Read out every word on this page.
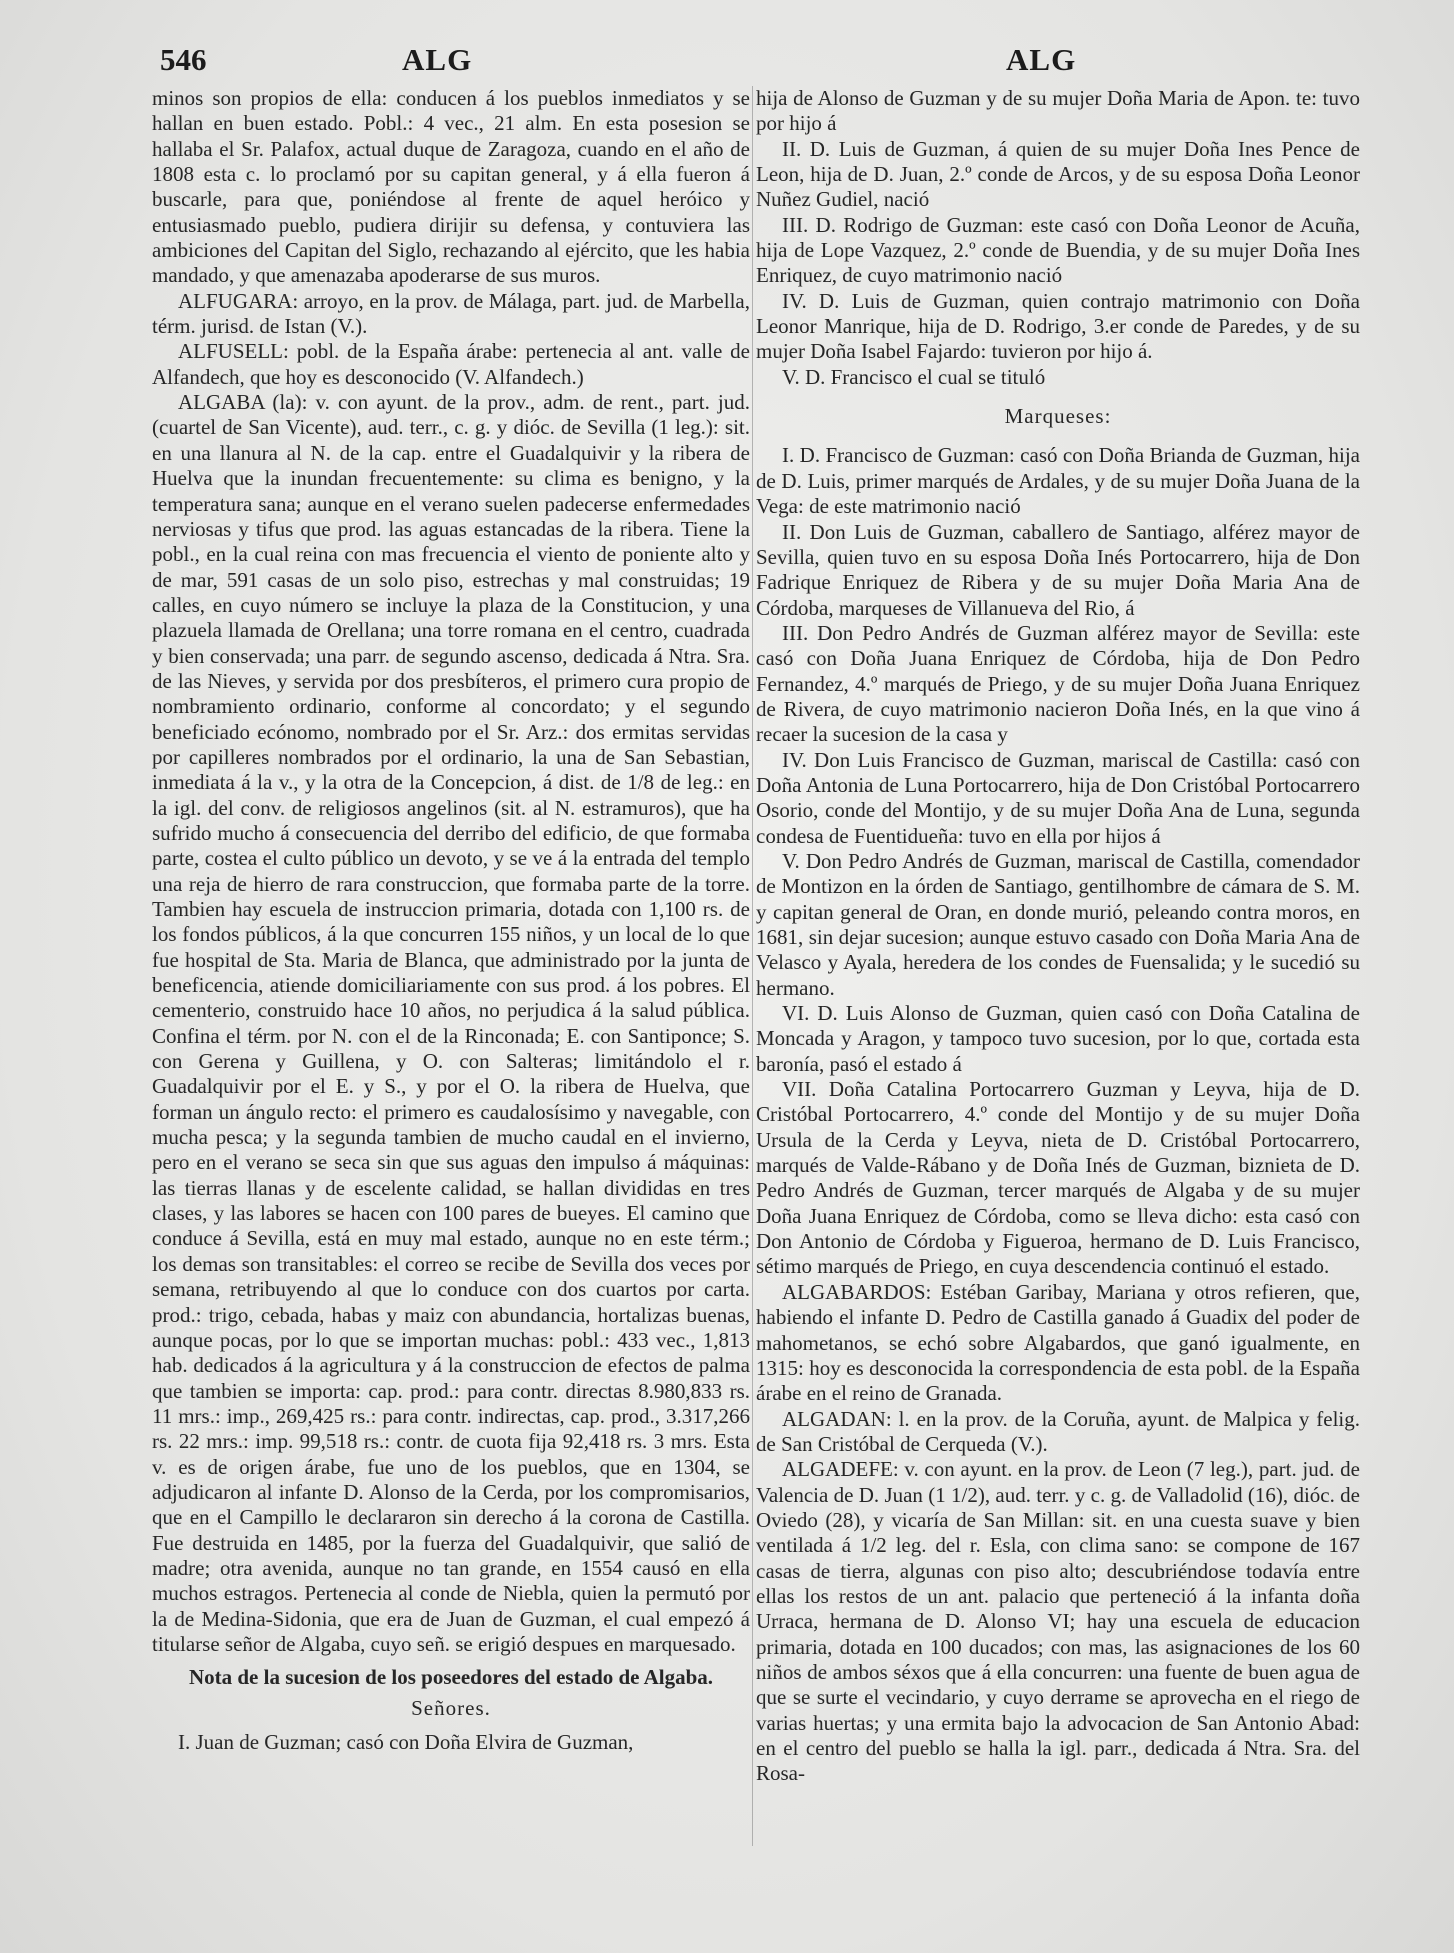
546	ALG	ALG

minos son propios de ella: conducen á los pueblos inmediatos y se hallan en buen estado. Pobl.: 4 vec., 21 alm. En esta posesion se hallaba el Sr. Palafox, actual duque de Zaragoza, cuando en el año de 1808 esta c. lo proclamó por su capitan general, y á ella fueron á buscarle, para que, poniéndose al frente de aquel heróico y entusiasmado pueblo, pudiera dirijir su defensa, y contuviera las ambiciones del Capitan del Siglo, rechazando al ejército, que les habia mandado, y que amenazaba apoderarse de sus muros.

ALFUGARA: arroyo, en la prov. de Málaga, part. jud. de Marbella, térm. jurisd. de Istan (V.).

ALFUSELL: pobl. de la España árabe: pertenecia al ant. valle de Alfandech, que hoy es desconocido (V. Alfandech.)

ALGABA (la): v. con ayunt. de la prov., adm. de rent., part. jud. (cuartel de San Vicente), aud. terr., c. g. y dióc. de Sevilla (1 leg.): sit. en una llanura al N. de la cap. entre el Guadalquivir y la ribera de Huelva que la inundan frecuentemente: su clima es benigno, y la temperatura sana; aunque en el verano suelen padecerse enfermedades nerviosas y tifus que prod. las aguas estancadas de la ribera. Tiene la pobl., en la cual reina con mas frecuencia el viento de poniente alto y de mar, 591 casas de un solo piso, estrechas y mal construidas; 19 calles, en cuyo número se incluye la plaza de la Constitucion, y una plazuela llamada de Orellana; una torre romana en el centro, cuadrada y bien conservada; una parr. de segundo ascenso, dedicada á Ntra. Sra. de las Nieves, y servida por dos presbíteros, el primero cura propio de nombramiento ordinario, conforme al concordato; y el segundo beneficiado ecónomo, nombrado por el Sr. Arz.: dos ermitas servidas por capilleres nombrados por el ordinario, la una de San Sebastian, inmediata á la v., y la otra de la Concepcion, á dist. de 1/8 de leg.: en la igl. del conv. de religiosos angelinos (sit. al N. estramuros), que ha sufrido mucho á consecuencia del derribo del edificio, de que formaba parte, costea el culto público un devoto, y se ve á la entrada del templo una reja de hierro de rara construccion, que formaba parte de la torre. Tambien hay escuela de instruccion primaria, dotada con 1,100 rs. de los fondos públicos, á la que concurren 155 niños, y un local de lo que fue hospital de Sta. Maria de Blanca, que administrado por la junta de beneficencia, atiende domiciliariamente con sus prod. á los pobres. El cementerio, construido hace 10 años, no perjudica á la salud pública. Confina el térm. por N. con el de la Rinconada; E. con Santiponce; S. con Gerena y Guillena, y O. con Salteras; limitándolo el r. Guadalquivir por el E. y S., y por el O. la ribera de Huelva, que forman un ángulo recto: el primero es caudalosísimo y navegable, con mucha pesca; y la segunda tambien de mucho caudal en el invierno, pero en el verano se seca sin que sus aguas den impulso á máquinas: las tierras llanas y de escelente calidad, se hallan divididas en tres clases, y las labores se hacen con 100 pares de bueyes. El camino que conduce á Sevilla, está en muy mal estado, aunque no en este térm.; los demas son transitables: el correo se recibe de Sevilla dos veces por semana, retribuyendo al que lo conduce con dos cuartos por carta. prod.: trigo, cebada, habas y maiz con abundancia, hortalizas buenas, aunque pocas, por lo que se importan muchas: pobl.: 433 vec., 1,813 hab. dedicados á la agricultura y á la construccion de efectos de palma que tambien se importa: cap. prod.: para contr. directas 8.980,833 rs. 11 mrs.: imp., 269,425 rs.: para contr. indirectas, cap. prod., 3.317,266 rs. 22 mrs.: imp. 99,518 rs.: contr. de cuota fija 92,418 rs. 3 mrs. Esta v. es de origen árabe, fue uno de los pueblos, que en 1304, se adjudicaron al infante D. Alonso de la Cerda, por los compromisarios, que en el Campillo le declararon sin derecho á la corona de Castilla. Fue destruida en 1485, por la fuerza del Guadalquivir, que salió de madre; otra avenida, aunque no tan grande, en 1554 causó en ella muchos estragos. Pertenecia al conde de Niebla, quien la permutó por la de Medina-Sidonia, que era de Juan de Guzman, el cual empezó á titularse señor de Algaba, cuyo señ. se erigió despues en marquesado.

Nota de la sucesion de los poseedores del estado de Algaba.

Señores.

I. Juan de Guzman; casó con Doña Elvira de Guzman,

hija de Alonso de Guzman y de su mujer Doña Maria de Apon. te: tuvo por hijo á

II. D. Luis de Guzman, á quien de su mujer Doña Ines Pence de Leon, hija de D. Juan, 2.º conde de Arcos, y de su esposa Doña Leonor Nuñez Gudiel, nació

III. D. Rodrigo de Guzman: este casó con Doña Leonor de Acuña, hija de Lope Vazquez, 2.º conde de Buendia, y de su mujer Doña Ines Enriquez, de cuyo matrimonio nació

IV. D. Luis de Guzman, quien contrajo matrimonio con Doña Leonor Manrique, hija de D. Rodrigo, 3.er conde de Paredes, y de su mujer Doña Isabel Fajardo: tuvieron por hijo á.

V. D. Francisco el cual se tituló

Marqueses:

I. D. Francisco de Guzman: casó con Doña Brianda de Guzman, hija de D. Luis, primer marqués de Ardales, y de su mujer Doña Juana de la Vega: de este matrimonio nació

II. Don Luis de Guzman, caballero de Santiago, alférez mayor de Sevilla, quien tuvo en su esposa Doña Inés Portocarrero, hija de Don Fadrique Enriquez de Ribera y de su mujer Doña Maria Ana de Córdoba, marqueses de Villanueva del Rio, á

III. Don Pedro Andrés de Guzman alférez mayor de Sevilla: este casó con Doña Juana Enriquez de Córdoba, hija de Don Pedro Fernandez, 4.º marqués de Priego, y de su mujer Doña Juana Enriquez de Rivera, de cuyo matrimonio nacieron Doña Inés, en la que vino á recaer la sucesion de la casa y

IV. Don Luis Francisco de Guzman, mariscal de Castilla: casó con Doña Antonia de Luna Portocarrero, hija de Don Cristóbal Portocarrero Osorio, conde del Montijo, y de su mujer Doña Ana de Luna, segunda condesa de Fuentidueña: tuvo en ella por hijos á

V. Don Pedro Andrés de Guzman, mariscal de Castilla, comendador de Montizon en la órden de Santiago, gentilhombre de cámara de S. M. y capitan general de Oran, en donde murió, peleando contra moros, en 1681, sin dejar sucesion; aunque estuvo casado con Doña Maria Ana de Velasco y Ayala, heredera de los condes de Fuensalida; y le sucedió su hermano.

VI. D. Luis Alonso de Guzman, quien casó con Doña Catalina de Moncada y Aragon, y tampoco tuvo sucesion, por lo que, cortada esta baronía, pasó el estado á

VII. Doña Catalina Portocarrero Guzman y Leyva, hija de D. Cristóbal Portocarrero, 4.º conde del Montijo y de su mujer Doña Ursula de la Cerda y Leyva, nieta de D. Cristóbal Portocarrero, marqués de Valde-Rábano y de Doña Inés de Guzman, biznieta de D. Pedro Andrés de Guzman, tercer marqués de Algaba y de su mujer Doña Juana Enriquez de Córdoba, como se lleva dicho: esta casó con Don Antonio de Córdoba y Figueroa, hermano de D. Luis Francisco, sétimo marqués de Priego, en cuya descendencia continuó el estado.

ALGABARDOS: Estéban Garibay, Mariana y otros refieren, que, habiendo el infante D. Pedro de Castilla ganado á Guadix del poder de mahometanos, se echó sobre Algabardos, que ganó igualmente, en 1315: hoy es desconocida la correspondencia de esta pobl. de la España árabe en el reino de Granada.

ALGADAN: l. en la prov. de la Coruña, ayunt. de Malpica y felig. de San Cristóbal de Cerqueda (V.).

ALGADEFE: v. con ayunt. en la prov. de Leon (7 leg.), part. jud. de Valencia de D. Juan (1 1/2), aud. terr. y c. g. de Valladolid (16), dióc. de Oviedo (28), y vicaría de San Millan: sit. en una cuesta suave y bien ventilada á 1/2 leg. del r. Esla, con clima sano: se compone de 167 casas de tierra, algunas con piso alto; descubriéndose todavía entre ellas los restos de un ant. palacio que perteneció á la infanta doña Urraca, hermana de D. Alonso VI; hay una escuela de educacion primaria, dotada en 100 ducados; con mas, las asignaciones de los 60 niños de ambos séxos que á ella concurren: una fuente de buen agua de que se surte el vecindario, y cuyo derrame se aprovecha en el riego de varias huertas; y una ermita bajo la advocacion de San Antonio Abad: en el centro del pueblo se halla la igl. parr., dedicada á Ntra. Sra. del Rosa-
